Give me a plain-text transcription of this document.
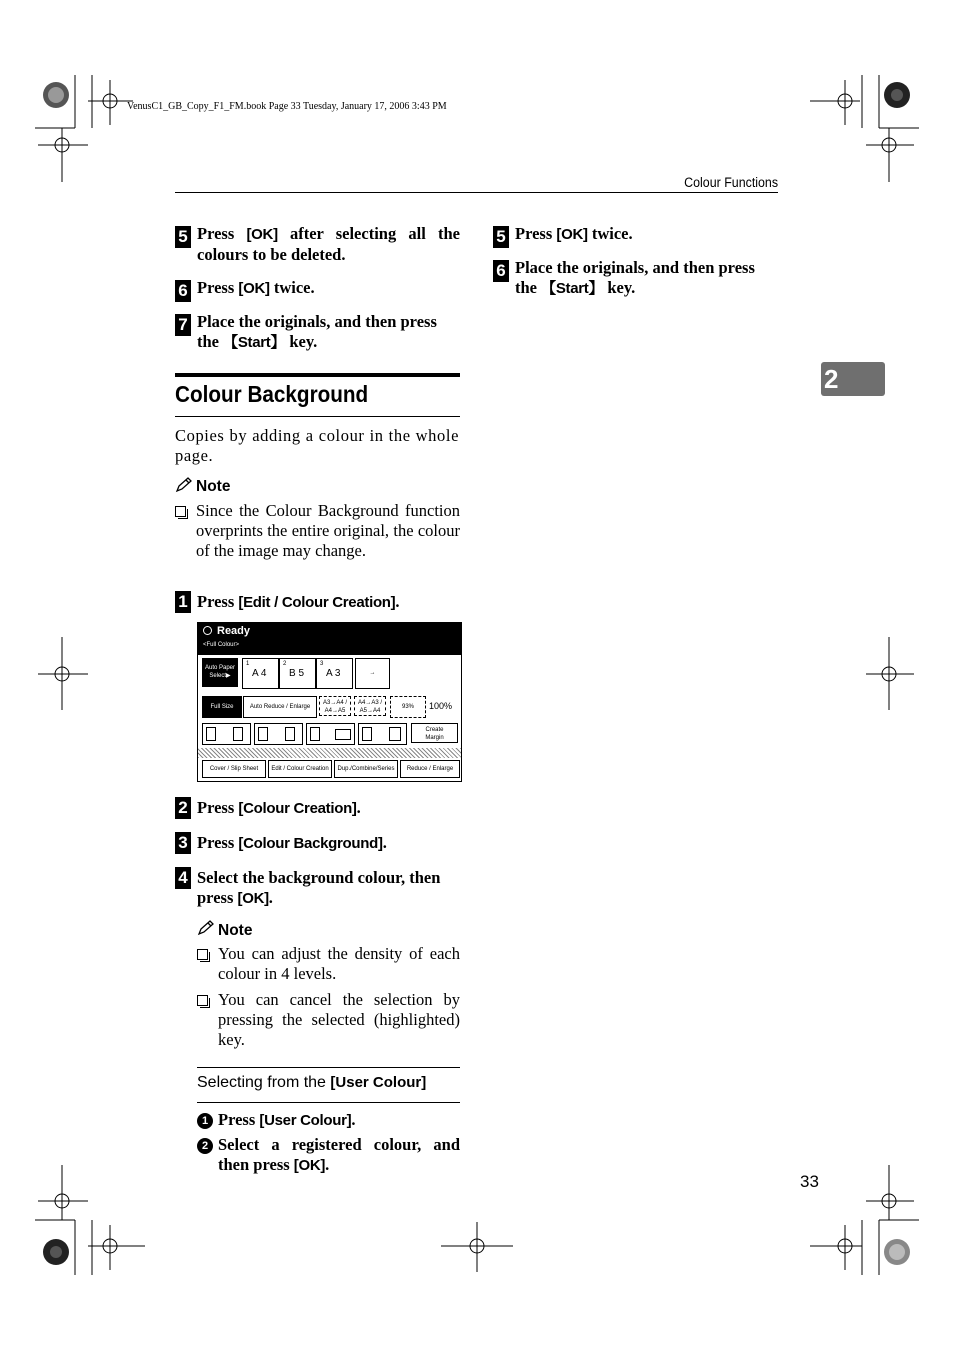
VenusC1_GB_Copy_F1_FM.book Page 33 Tuesday, January 17, 2006 3:43 PM
Colour Functions
2
5 Press [OK] after selecting all the colours to be deleted.
6 Press [OK] twice.
7 Place the originals, and then press the 【Start】 key.
Colour Background
Copies by adding a colour in the whole page.
Note
Since the Colour Background function overprints the entire original, the colour of the image may change.
1 Press [Edit / Colour Creation].
Ready
<Full Colour>
Auto Paper Select▶
1
A 4
2
B 5
3
A 3	→
Full Size	Auto Reduce / Enlarge
A3→A4 / A4→A5
A4→A3 / A5→A4
93%	100%
Create Margin
Cover / Slip Sheet	Edit / Colour Creation	Dup./Combine/Series	Reduce / Enlarge
2 Press [Colour Creation].
3 Press [Colour Background].
4 Select the background colour, then press [OK].
Note
You can adjust the density of each colour in 4 levels.
You can cancel the selection by pressing the selected (highlighted) key.
Selecting from the [User Colour]
1 Press [User Colour].
2 Select a registered colour, and then press [OK].
5 Press [OK] twice.
6 Place the originals, and then press the 【Start】 key.
33
